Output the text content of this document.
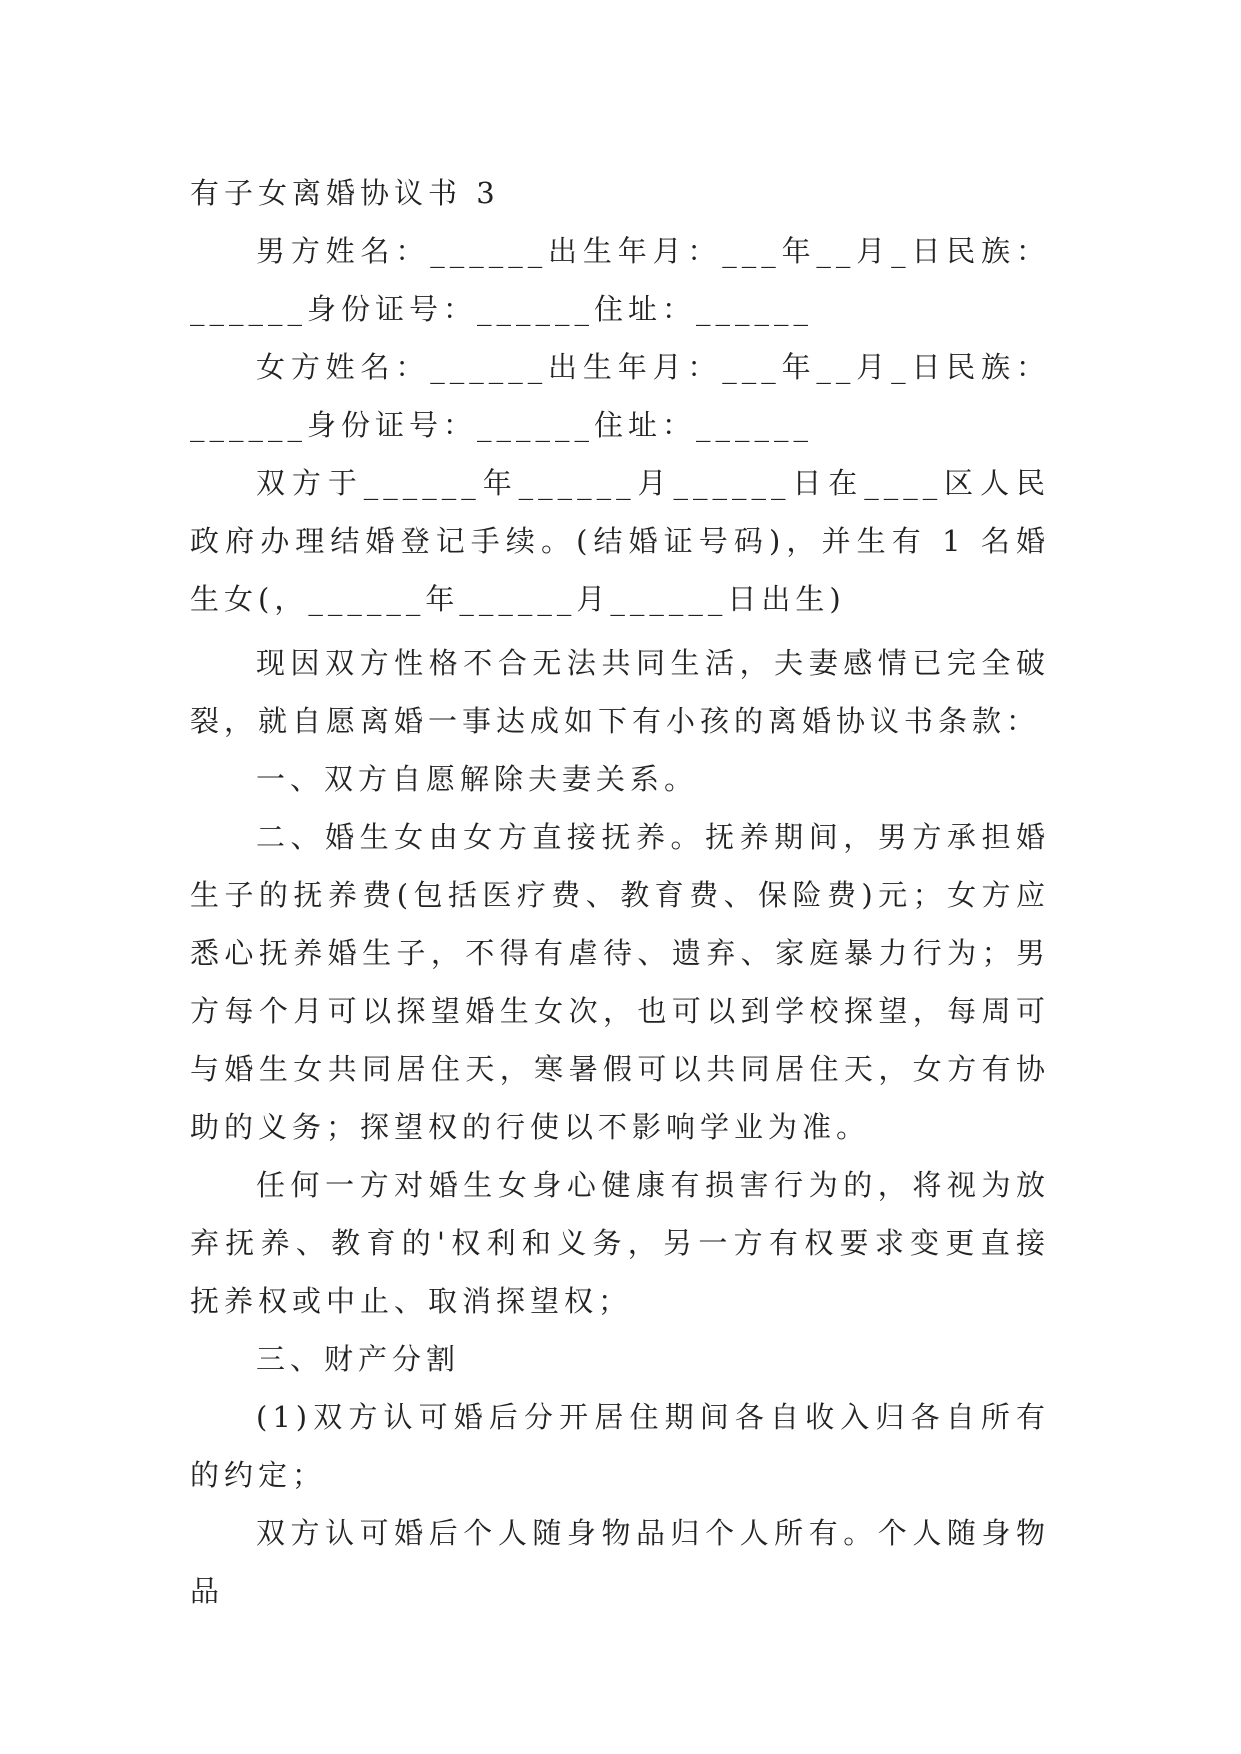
有子女离婚协议书 3

男方姓名：______出生年月：___年__月_日民族：______身份证号：______住址：______

女方姓名：______出生年月：___年__月_日民族：______身份证号：______住址：______

双方于______年______月______日在____区人民政府办理结婚登记手续。(结婚证号码)，并生有 1 名婚生女(，______年______月______日出生)

现因双方性格不合无法共同生活，夫妻感情已完全破裂，就自愿离婚一事达成如下有小孩的离婚协议书条款：

一、双方自愿解除夫妻关系。

二、婚生女由女方直接抚养。抚养期间，男方承担婚生子的抚养费(包括医疗费、教育费、保险费)元；女方应悉心抚养婚生子，不得有虐待、遗弃、家庭暴力行为；男方每个月可以探望婚生女次，也可以到学校探望，每周可与婚生女共同居住天，寒暑假可以共同居住天，女方有协助的义务；探望权的行使以不影响学业为准。

任何一方对婚生女身心健康有损害行为的，将视为放弃抚养、教育的'权利和义务，另一方有权要求变更直接抚养权或中止、取消探望权；

三、财产分割

(1)双方认可婚后分开居住期间各自收入归各自所有的约定；

双方认可婚后个人随身物品归个人所有。个人随身物品
